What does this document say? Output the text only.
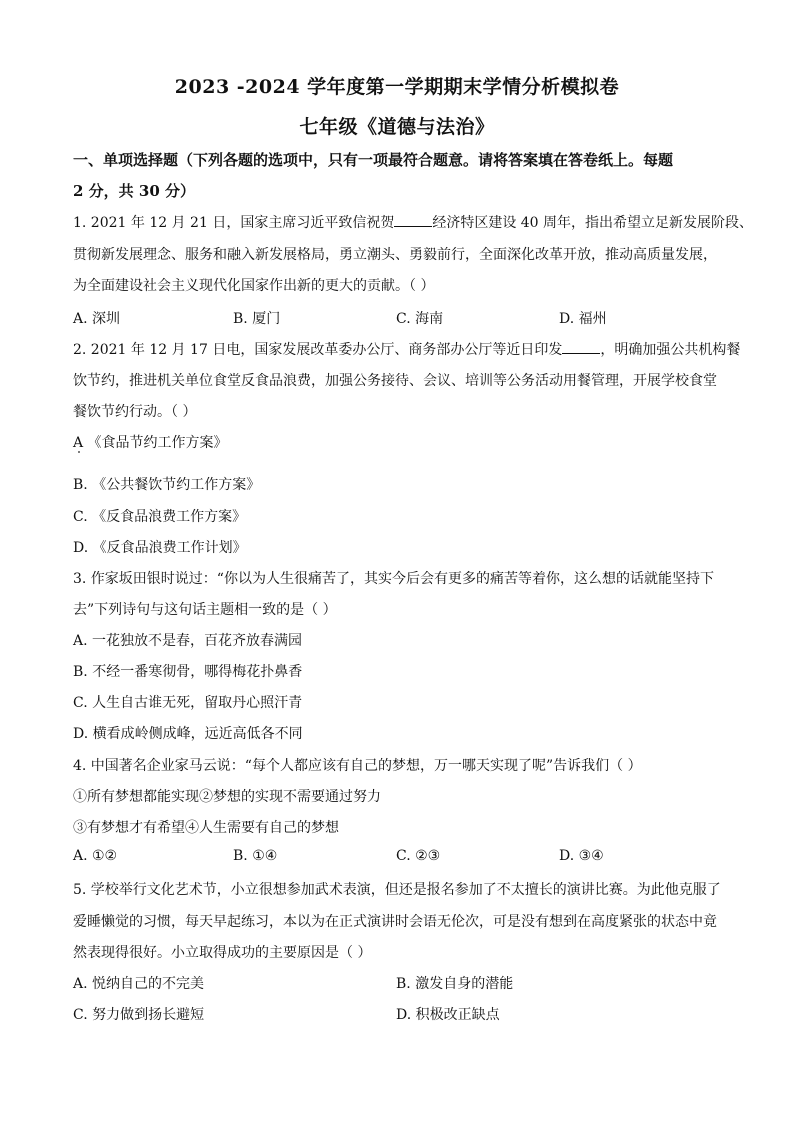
2023 -2024 学年度第一学期期末学情分析模拟卷
七年级《道德与法治》
一、单项选择题（下列各题的选项中，只有一项最符合题意。请将答案填在答卷纸上。每题
2 分，共 30 分）
1. 2021 年 12 月 21 日，国家主席习近平致信祝贺	经济特区建设 40 周年，指出希望立足新发展阶段、
贯彻新发展理念、服务和融入新发展格局，勇立潮头、勇毅前行，全面深化改革开放，推动高质量发展，
为全面建设社会主义现代化国家作出新的更大的贡献。（ ）
A. 深圳	B. 厦门	C. 海南	D. 福州
2. 2021 年 12 月 17 日电，国家发展改革委办公厅、商务部办公厅等近日印发	，明确加强公共机构餐
饮节约，推进机关单位食堂反食品浪费，加强公务接待、会议、培训等公务活动用餐管理，开展学校食堂
餐饮节约行动。（ ）
A 《食品节约工作方案》
B. 《公共餐饮节约工作方案》
C. 《反食品浪费工作方案》
D. 《反食品浪费工作计划》
3. 作家坂田银时说过：“你以为人生很痛苦了，其实今后会有更多的痛苦等着你，这么想的话就能坚持下
去”下列诗句与这句话主题相一致的是（ ）
A. 一花独放不是春，百花齐放春满园
B. 不经一番寒彻骨，哪得梅花扑鼻香
C. 人生自古谁无死，留取丹心照汗青
D. 横看成岭侧成峰，远近高低各不同
4. 中国著名企业家马云说：“每个人都应该有自己的梦想，万一哪天实现了呢”告诉我们（ ）
①所有梦想都能实现②梦想的实现不需要通过努力
③有梦想才有希望④人生需要有自己的梦想
A. ①②	B. ①④	C. ②③	D. ③④
5. 学校举行文化艺术节，小立很想参加武术表演，但还是报名参加了不太擅长的演讲比赛。为此他克服了
爱睡懒觉的习惯，每天早起练习，本以为在正式演讲时会语无伦次，可是没有想到在高度紧张的状态中竟
然表现得很好。小立取得成功的主要原因是（ ）
A. 悦纳自己的不完美	B. 激发自身的潜能
C. 努力做到扬长避短	D. 积极改正缺点
